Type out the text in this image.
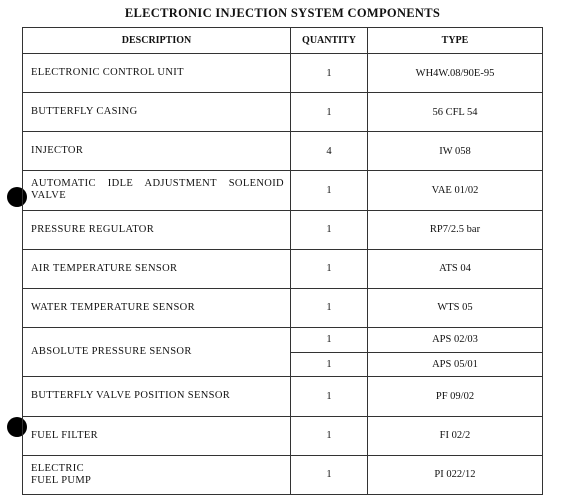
ELECTRONIC INJECTION SYSTEM COMPONENTS
DESCRIPTION	QUANTITY	TYPE
ELECTRONIC CONTROL UNIT	1	WH4W.08/90E-95
BUTTERFLY CASING	1	56 CFL 54
INJECTOR	4	IW 058
AUTOMATIC IDLE ADJUSTMENT SOLENOID VALVE	1	VAE 01/02
PRESSURE REGULATOR	1	RP7/2.5 bar
AIR TEMPERATURE SENSOR	1	ATS 04
WATER TEMPERATURE SENSOR	1	WTS 05
ABSOLUTE PRESSURE SENSOR	1	APS 02/03
	1	APS 05/01
BUTTERFLY VALVE POSITION SENSOR	1	PF 09/02
FUEL FILTER	1	FI 02/2

ELECTRIC FUEL PUMP	1	PI 022/12
